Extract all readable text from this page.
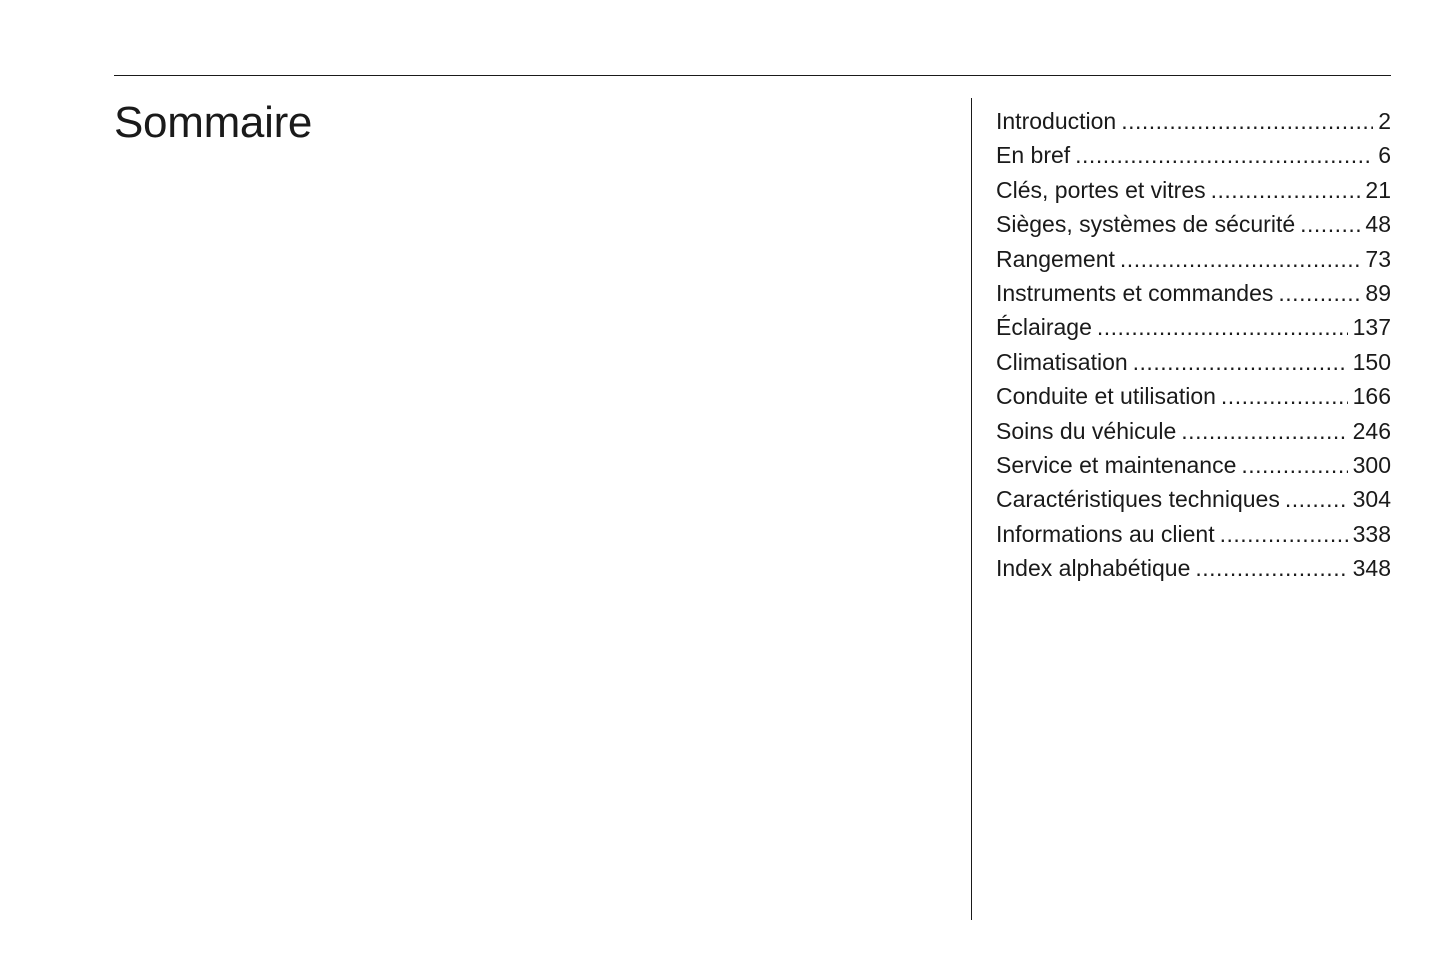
Sommaire	Introduction .....	2
En bref .....	6
Clés, portes et vitres .....	21
Sièges, systèmes de sécurité .....	48
Rangement .....	73
Instruments et commandes .....	89
Éclairage .....	137
Climatisation .....	150
Conduite et utilisation .....	166
Soins du véhicule .....	246
Service et maintenance .....	300
Caractéristiques techniques .....	304
Informations au client .....	338
Index alphabétique .....	348
